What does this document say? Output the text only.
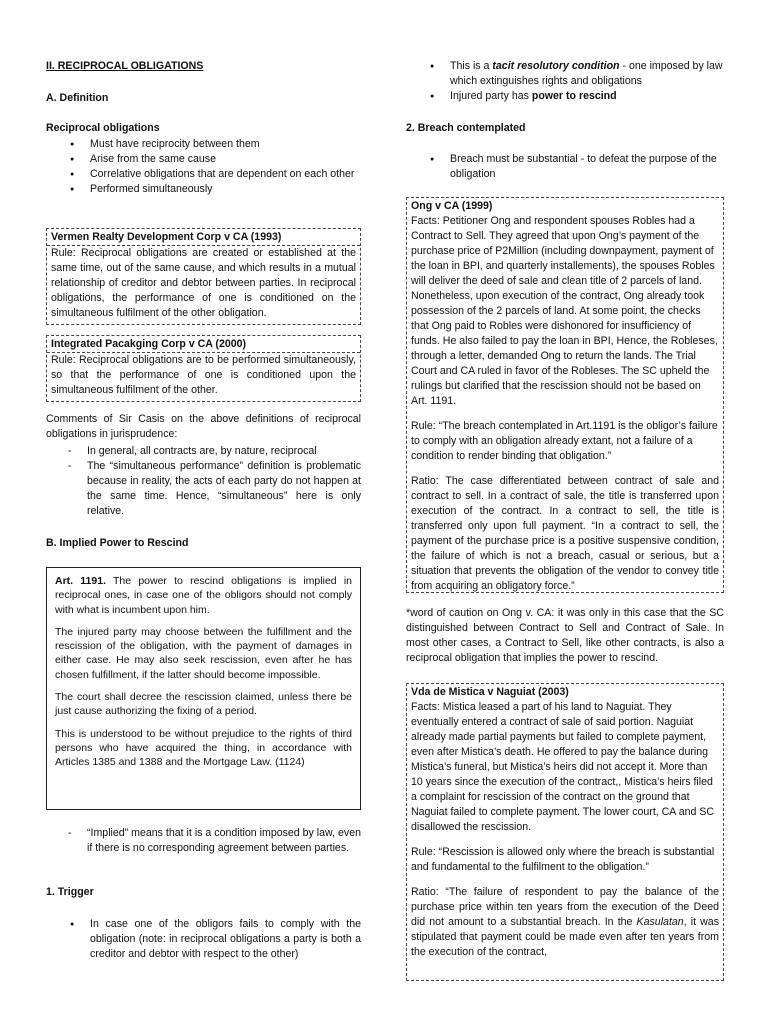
II. RECIPROCAL OBLIGATIONS

A. Definition

Reciprocal obligations

● Must have reciprocity between them
● Arise from the same cause
● Correlative obligations that are dependent on each other
● Performed simultaneously

Vermen Realty Development Corp v CA (1993)

Rule: Reciprocal obligations are created or established at the same time, out of the same cause, and which results in a mutual relationship of creditor and debtor between parties. In reciprocal obligations, the performance of one is conditioned on the simultaneous fulfilment of the other obligation.

Integrated Pacakging Corp v CA (2000)

Rule: Reciprocal obligations are to be performed simultaneously, so that the performance of one is conditioned upon the simultaneous fulfilment of the other.

Comments of Sir Casis on the above definitions of reciprocal obligations in jurisprudence:

- In general, all contracts are, by nature, reciprocal
- The “simultaneous performance” definition is problematic because in reality, the acts of each party do not happen at the same time. Hence, “simultaneous” here is only relative.

B. Implied Power to Rescind

Art. 1191. The power to rescind obligations is implied in reciprocal ones, in case one of the obligors should not comply with what is incumbent upon him.

The injured party may choose between the fulfillment and the rescission of the obligation, with the payment of damages in either case. He may also seek rescission, even after he has chosen fulfillment, if the latter should become impossible.

The court shall decree the rescission claimed, unless there be just cause authorizing the fixing of a period.

This is understood to be without prejudice to the rights of third persons who have acquired the thing, in accordance with Articles 1385 and 1388 and the Mortgage Law. (1124)

- “Implied” means that it is a condition imposed by law, even if there is no corresponding agreement between parties.

1. Trigger

● In case one of the obligors fails to comply with the obligation (note: in reciprocal obligations a party is both a creditor and debtor with respect to the other)
● This is a tacit resolutory condition - one imposed by law which extinguishes rights and obligations
● Injured party has power to rescind

2. Breach contemplated

● Breach must be substantial - to defeat the purpose of the obligation

Ong v CA (1999)

Facts: Petitioner Ong and respondent spouses Robles had a Contract to Sell. They agreed that upon Ong’s payment of the purchase price of P2Million (including downpayment, payment of the loan in BPI, and quarterly installements), the spouses Robles will deliver the deed of sale and clean title of 2 parcels of land. Nonetheless, upon execution of the contract, Ong already took possession of the 2 parcels of land. At some point, the checks that Ong paid to Robles were dishonored for insufficiency of funds. He also failed to pay the loan in BPI, Hence, the Robleses, through a letter, demanded Ong to return the lands. The Trial Court and CA ruled in favor of the Robleses. The SC upheld the rulings but clarified that the rescission should not be based on Art. 1191.

Rule: “The breach contemplated in Art.1191 is the obligor’s failure to comply with an obligation already extant, not a failure of a condition to render binding that obligation.”

Ratio: The case differentiated between contract of sale and contract to sell. In a contract of sale, the title is transferred upon execution of the contract. In a contract to sell, the title is transferred only upon full payment. “In a contract to sell, the payment of the purchase price is a positive suspensive condition, the failure of which is not a breach, casual or serious, but a situation that prevents the obligation of the vendor to convey title from acquiring an obligatory force.”

*word of caution on Ong v. CA: it was only in this case that the SC distinguished between Contract to Sell and Contract of Sale. In most other cases, a Contract to Sell, like other contracts, is also a reciprocal obligation that implies the power to rescind.

Vda de Mistica v Naguiat (2003)

Facts: Mistica leased a part of his land to Naguiat. They eventually entered a contract of sale of said portion. Naguiat already made partial payments but failed to complete payment, even after Mistica’s death. He offered to pay the balance during Mistica’s funeral, but Mistica’s heirs did not accept it. More than 10 years since the execution of the contract,, Mistica’s heirs filed a complaint for rescission of the contract on the ground that Naguiat failed to complete payment. The lower court, CA and SC disallowed the rescission.

Rule: “Rescission is allowed only where the breach is substantial and fundamental to the fulfilment to the obligation.”

Ratio: “The failure of respondent to pay the balance of the purchase price within ten years from the execution of the Deed did not amount to a substantial breach. In the Kasulatan, it was stipulated that payment could be made even after ten years from the execution of the contract,
